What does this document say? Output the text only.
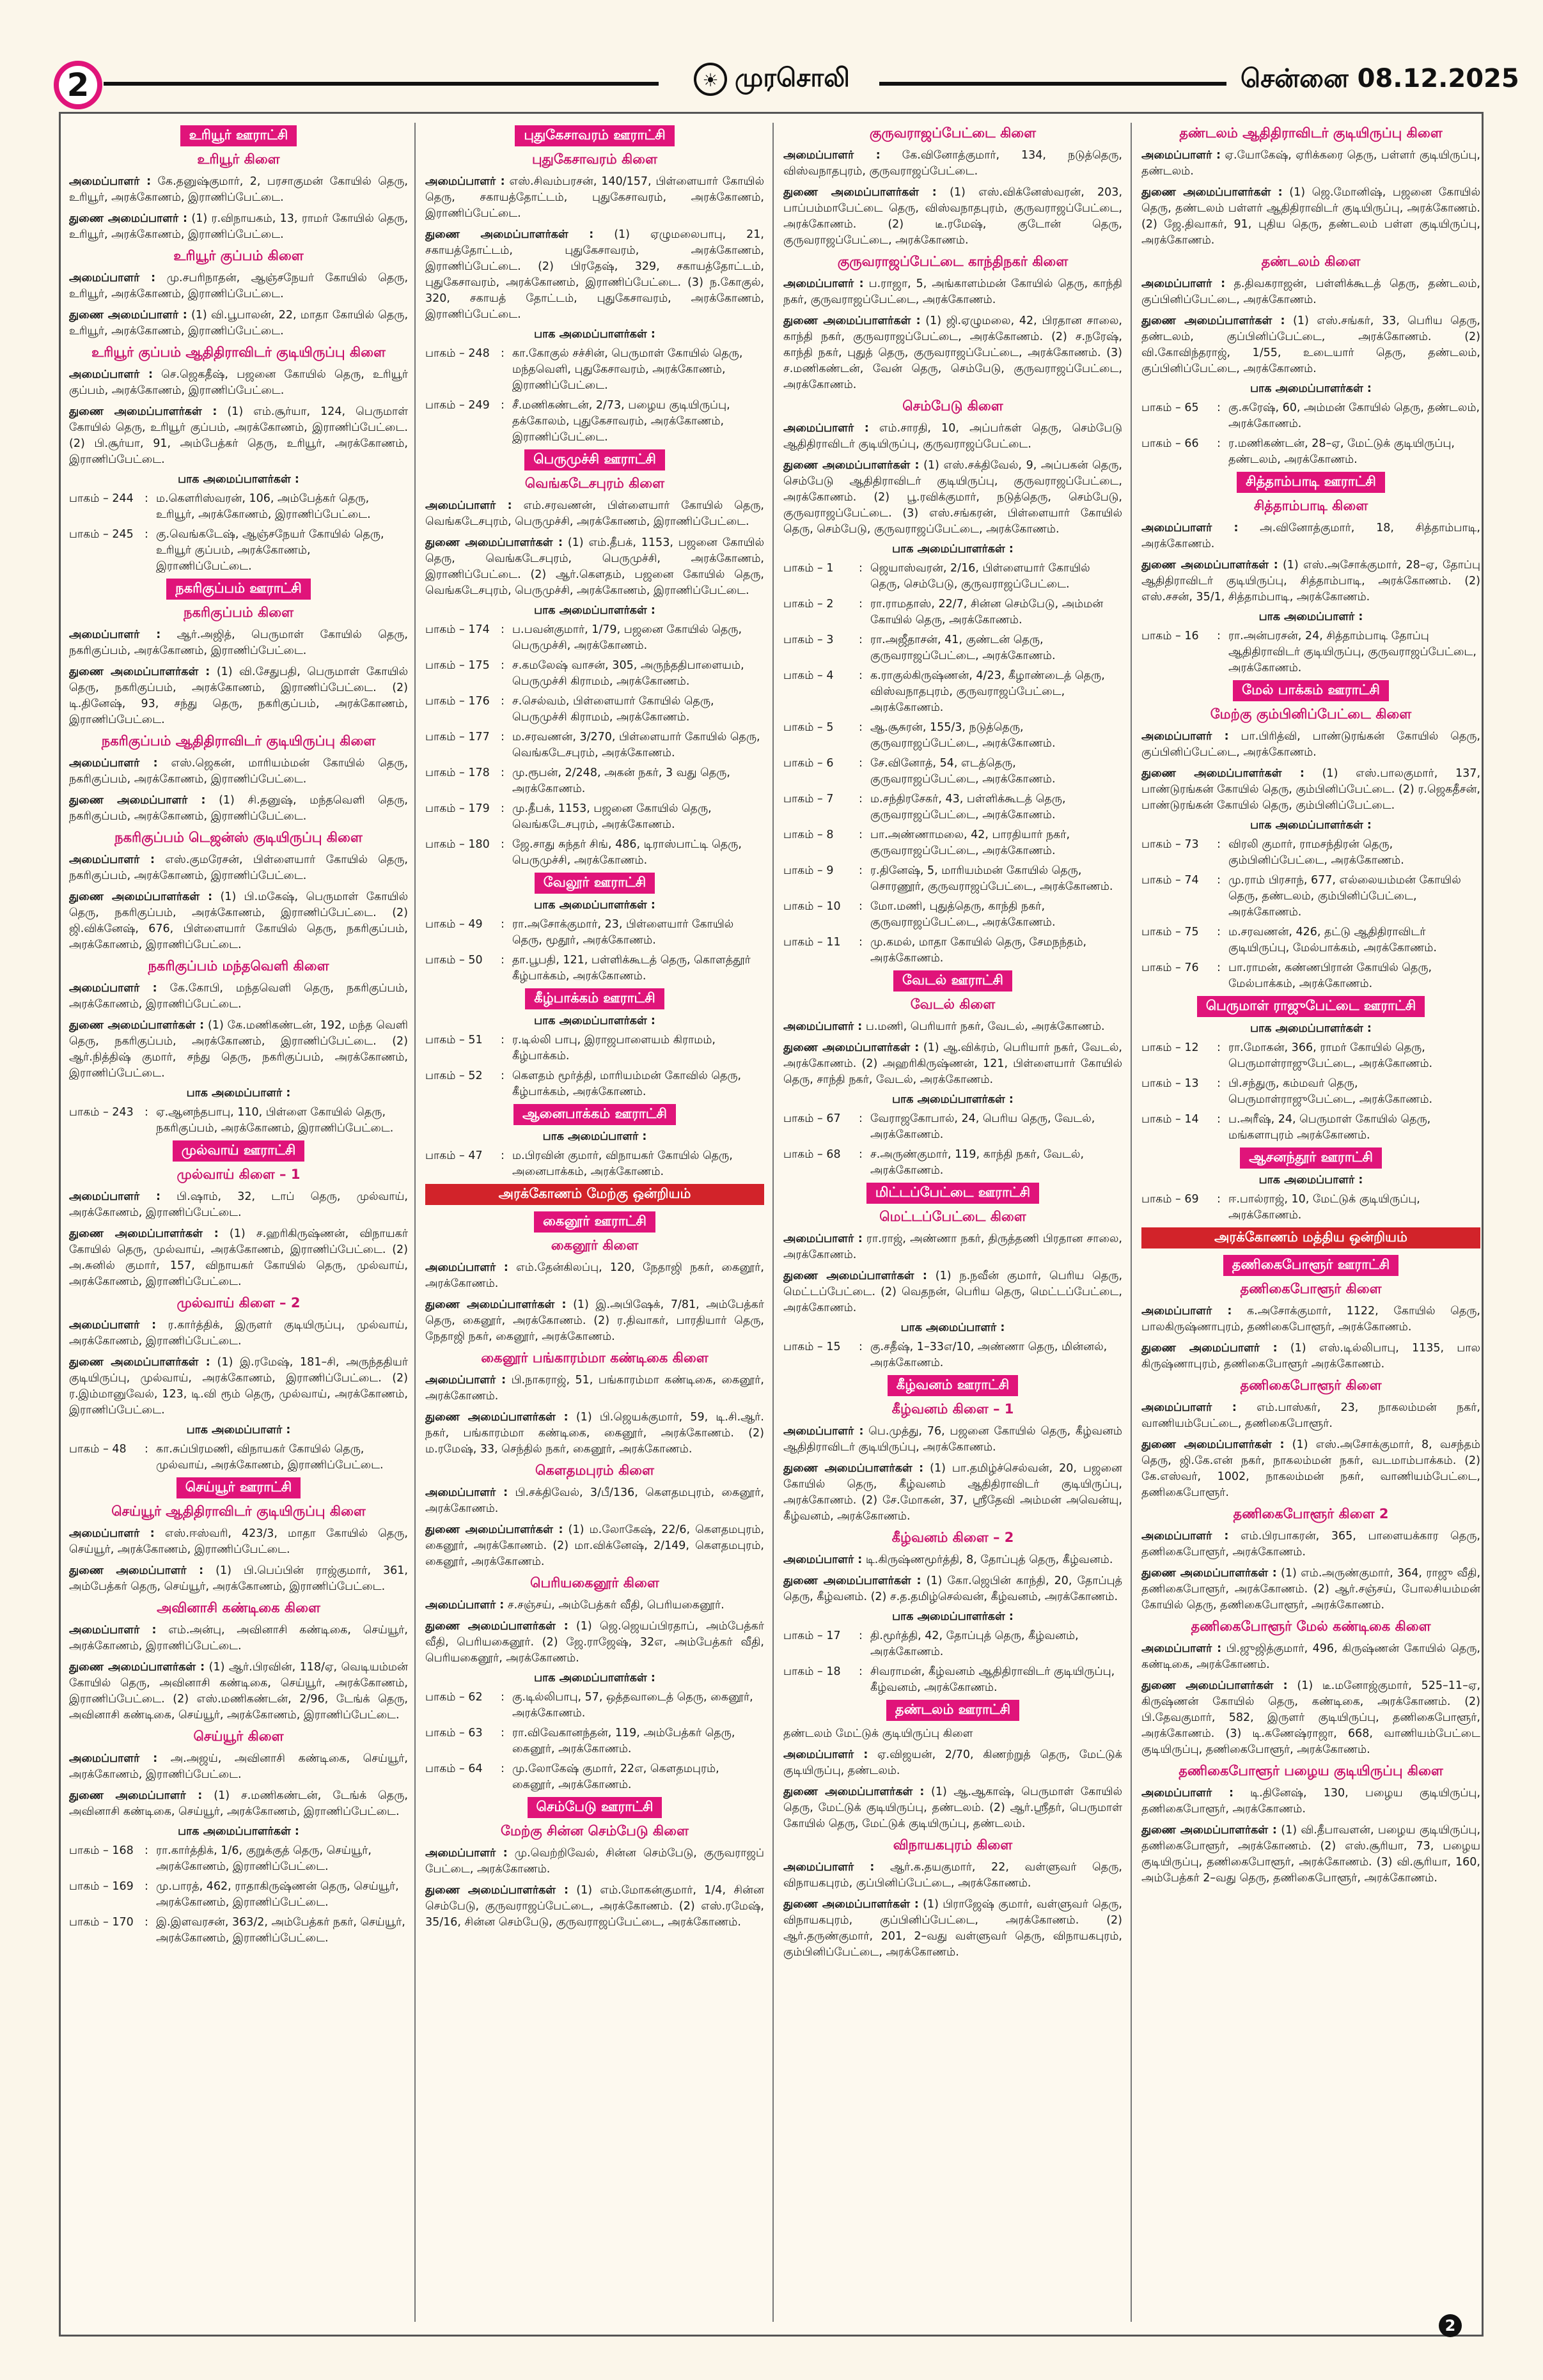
2	☀ முரசொலி	சென்னை 08.12.2025
உரியூர் ஊராட்சி
உரியூர் கிளை

அமைப்பாளர் : கே.தனுஷ்குமார், 2, பரசாகுமன் கோயில் தெரு, உரியூர், அரக்கோணம், இராணிப்பேட்டை.

துணை அமைப்பாளர் : (1) ர.விநாயகம், 13, ராமர் கோயில் தெரு, உரியூர், அரக்கோணம், இராணிப்பேட்டை.

உரியூர் குப்பம் கிளை

அமைப்பாளர் : மு.சபரிநாதன், ஆஞ்சநேயர் கோயில் தெரு, உரியூர், அரக்கோணம், இராணிப்பேட்டை.

துணை அமைப்பாளர் : (1) வி.பூபாலன், 22, மாதா கோயில் தெரு, உரியூர், அரக்கோணம், இராணிப்பேட்டை.

உரியூர் குப்பம் ஆதிதிராவிடர் குடியிருப்பு கிளை

அமைப்பாளர் : செ.ஜெகதீஷ், பஜனை கோயில் தெரு, உரியூர் குப்பம், அரக்கோணம், இராணிப்பேட்டை.

துணை அமைப்பாளர்கள் : (1) எம்.சூர்யா, 124, பெருமாள் கோயில் தெரு, உரியூர் குப்பம், அரக்கோணம், இராணிப்பேட்டை. (2) பி.சூர்யா, 91, அம்பேத்கர் தெரு, உரியூர், அரக்கோணம், இராணிப்பேட்டை.

பாக அமைப்பாளர்கள் :
பாகம் – 244 : ம.கௌரிஸ்வரன், 106, அம்பேத்கர் தெரு, உரியூர், அரக்கோணம், இராணிப்பேட்டை.
பாகம் – 245 : கு.வெங்கடேஷ், ஆஞ்சநேயர் கோயில் தெரு, உரியூர் குப்பம், அரக்கோணம், இராணிப்பேட்டை.
நகரிகுப்பம் ஊராட்சி
நகரிகுப்பம் கிளை

அமைப்பாளர் : ஆர்.அஜித், பெருமாள் கோயில் தெரு, நகரிகுப்பம், அரக்கோணம், இராணிப்பேட்டை.

துணை அமைப்பாளர்கள் : (1) வி.சேதுபதி, பெருமாள் கோயில் தெரு, நகரிகுப்பம், அரக்கோணம், இராணிப்பேட்டை. (2) டி.தினேஷ், 93, சந்து தெரு, நகரிகுப்பம், அரக்கோணம், இராணிப்பேட்டை.

நகரிகுப்பம் ஆதிதிராவிடர் குடியிருப்பு கிளை

அமைப்பாளர் : எஸ்.ஜெகன், மாரியம்மன் கோயில் தெரு, நகரிகுப்பம், அரக்கோணம், இராணிப்பேட்டை.

துணை அமைப்பாளர் : (1) சி.தனுஷ், மந்தவெளி தெரு, நகரிகுப்பம், அரக்கோணம், இராணிப்பேட்டை.

நகரிகுப்பம் டெஜன்ஸ் குடியிருப்பு கிளை

அமைப்பாளர் : எஸ்.குமரேசன், பிள்ளையார் கோயில் தெரு, நகரிகுப்பம், அரக்கோணம், இராணிப்பேட்டை.

துணை அமைப்பாளர்கள் : (1) பி.மகேஷ், பெருமாள் கோயில் தெரு, நகரிகுப்பம், அரக்கோணம், இராணிப்பேட்டை. (2) ஜி.விக்னேஷ், 676, பிள்ளையார் கோயில் தெரு, நகரிகுப்பம், அரக்கோணம், இராணிப்பேட்டை.

நகரிகுப்பம் மந்தவெளி கிளை

அமைப்பாளர் : கே.கோபி, மந்தவெளி தெரு, நகரிகுப்பம், அரக்கோணம், இராணிப்பேட்டை.

துணை அமைப்பாளர்கள் : (1) கே.மணிகண்டன், 192, மந்த வெளி தெரு, நகரிகுப்பம், அரக்கோணம், இராணிப்பேட்டை. (2) ஆர்.நித்திஷ் குமார், சந்து தெரு, நகரிகுப்பம், அரக்கோணம், இராணிப்பேட்டை.

பாக அமைப்பாளர் :
பாகம் – 243 : ஏ.ஆனந்தபாபு, 110, பிள்ளை கோயில் தெரு, நகரிகுப்பம், அரக்கோணம், இராணிப்பேட்டை.
முல்வாய் ஊராட்சி
முல்வாய் கிளை – 1

அமைப்பாளர் : பி.ஷாம், 32, டாப் தெரு, முல்வாய், அரக்கோணம், இராணிப்பேட்டை.

துணை அமைப்பாளர்கள் : (1) ச.ஹரிகிருஷ்ணன், விநாயகர் கோயில் தெரு, முல்வாய், அரக்கோணம், இராணிப்பேட்டை. (2) அ.சுனில் குமார், 157, விநாயகர் கோயில் தெரு, முல்வாய், அரக்கோணம், இராணிப்பேட்டை.

முல்வாய் கிளை – 2

அமைப்பாளர் : ர.கார்த்திக், இருளர் குடியிருப்பு, முல்வாய், அரக்கோணம், இராணிப்பேட்டை.

துணை அமைப்பாளர்கள் : (1) இ.ரமேஷ், 181–சி, அருந்ததியர் குடியிருப்பு, முல்வாய், அரக்கோணம், இராணிப்பேட்டை. (2) ர.இம்மானுவேல், 123, டி.வி ரூம் தெரு, முல்வாய், அரக்கோணம், இராணிப்பேட்டை.

பாக அமைப்பாளர் :
பாகம் – 48	: கா.சுப்பிரமணி, விநாயகர் கோயில் தெரு, முல்வாய், அரக்கோணம், இராணிப்பேட்டை.
செய்யூர் ஊராட்சி
செய்யூர் ஆதிதிராவிடர் குடியிருப்பு கிளை

அமைப்பாளர் : எஸ்.ஈஸ்வரி, 423/3, மாதா கோயில் தெரு, செய்யூர், அரக்கோணம், இராணிப்பேட்டை.

துணை அமைப்பாளர் : (1) பி.பெப்பின் ராஜ்குமார், 361, அம்பேத்கர் தெரு, செய்யூர், அரக்கோணம், இராணிப்பேட்டை.

அவினாசி கண்டிகை கிளை

அமைப்பாளர் : எம்.அன்பு, அவினாசி கண்டிகை, செய்யூர், அரக்கோணம், இராணிப்பேட்டை.

துணை அமைப்பாளர்கள் : (1) ஆர்.பிரவின், 118/ஏ, வெடியம்மன் கோயில் தெரு, அவினாசி கண்டிகை, செய்யூர், அரக்கோணம், இராணிப்பேட்டை. (2) எஸ்.மணிகண்டன், 2/96, டேங்க் தெரு, அவினாசி கண்டிகை, செய்யூர், அரக்கோணம், இராணிப்பேட்டை.

செய்யூர் கிளை

அமைப்பாளர் : அ.அஜய், அவினாசி கண்டிகை, செய்யூர், அரக்கோணம், இராணிப்பேட்டை.

துணை அமைப்பாளர் : (1) ச.மணிகண்டன், டேங்க் தெரு, அவினாசி கண்டிகை, செய்யூர், அரக்கோணம், இராணிப்பேட்டை.

பாக அமைப்பாளர்கள் :
பாகம் – 168 : ரா.கார்த்திக், 1/6, குறுக்குத் தெரு, செய்யூர், அரக்கோணம், இராணிப்பேட்டை.
பாகம் – 169 : மு.பாரத், 462, ராதாகிருஷ்ணன் தெரு, செய்யூர், அரக்கோணம், இராணிப்பேட்டை.
பாகம் – 170 : இ.இளவரசன், 363/2, அம்பேத்கர் நகர், செய்யூர், அரக்கோணம், இராணிப்பேட்டை.
புதுகேசாவரம் ஊராட்சி
புதுகேசாவரம் கிளை

அமைப்பாளர் : எஸ்.சிவம்பரசன், 140/157, பிள்ளையார் கோயில் தெரு, சகாயத்தோட்டம், புதுகேசாவரம், அரக்கோணம், இராணிப்பேட்டை.

துணை அமைப்பாளர்கள் : (1) ஏழுமலைபாபு, 21, சகாயத்தோட்டம், புதுகேசாவரம், அரக்கோணம், இராணிப்பேட்டை. (2) பிரதேஷ், 329, சகாயத்தோட்டம், புதுகேசாவரம், அரக்கோணம், இராணிப்பேட்டை. (3) ந.கோகுல், 320, சகாயத் தோட்டம், புதுகேசாவரம், அரக்கோணம், இராணிப்பேட்டை.

பாக அமைப்பாளர்கள் :
பாகம் – 248 : கா.கோகுல் சச்சின், பெருமாள் கோயில் தெரு, மந்தவெளி, புதுகேசாவரம், அரக்கோணம், இராணிப்பேட்டை.
பாகம் – 249 : சீ.மணிகண்டன், 2/73, பழைய குடியிருப்பு, தக்கோலம், புதுகேசாவரம், அரக்கோணம், இராணிப்பேட்டை.
பெருமுச்சி ஊராட்சி
வெங்கடேசபுரம் கிளை

அமைப்பாளர் : எம்.சரவணன், பிள்ளையார் கோயில் தெரு, வெங்கடேசபுரம், பெருமுச்சி, அரக்கோணம், இராணிப்பேட்டை.

துணை அமைப்பாளர்கள் : (1) எம்.தீபக், 1153, பஜனை கோயில் தெரு, வெங்கடேசபுரம், பெருமுச்சி, அரக்கோணம், இராணிப்பேட்டை. (2) ஆர்.கௌதம், பஜனை கோயில் தெரு, வெங்கடேசபுரம், பெருமுச்சி, அரக்கோணம், இராணிப்பேட்டை.

பாக அமைப்பாளர்கள் :
பாகம் – 174 : ப.பவன்குமார், 1/79, பஜனை கோயில் தெரு, பெருமுச்சி, அரக்கோணம்.
பாகம் – 175 : ச.கமலேஷ் வாசன், 305, அருந்ததிபாளையம், பெருமுச்சி கிராமம், அரக்கோணம்.
பாகம் – 176 : ச.செல்வம், பிள்ளையார் கோயில் தெரு, பெருமுச்சி கிராமம், அரக்கோணம்.
பாகம் – 177 : ம.சரவணன், 3/270, பிள்ளையார் கோயில் தெரு, வெங்கடேசபுரம், அரக்கோணம்.
பாகம் – 178 : மு.ரூபன், 2/248, அகன் நகர், 3 வது தெரு, அரக்கோணம்.
பாகம் – 179 : மு.தீபக், 1153, பஜனை கோயில் தெரு, வெங்கடேசபுரம், அரக்கோணம்.
பாகம் – 180 : ஜே.சாது சுந்தர் சிங், 486, டிராஸ்பாட்டி தெரு, பெருமுச்சி, அரக்கோணம்.
வேலூர் ஊராட்சி
பாக அமைப்பாளர்கள் :
பாகம் – 49	: ரா.அசோக்குமார், 23, பிள்ளையார் கோயில் தெரு, மூதூர், அரக்கோணம்.
பாகம் – 50	: தா.பூபதி, 121, பள்ளிக்கூடத் தெரு, கொளத்தூர் கீழ்பாக்கம், அரக்கோணம்.
கீழ்பாக்கம் ஊராட்சி
பாக அமைப்பாளர்கள் :
பாகம் – 51	: ர.டில்லி பாபு, இராஜபாளையம் கிராமம், கீழ்பாக்கம்.
பாகம் – 52	: கௌதம் மூர்த்தி, மாரியம்மன் கோவில் தெரு, கீழ்பாக்கம், அரக்கோணம்.
ஆனைபாக்கம் ஊராட்சி
பாக அமைப்பாளர் :
பாகம் – 47	: ம.பிரவின் குமார், விநாயகர் கோயில் தெரு, அனைபாக்கம், அரக்கோணம்.
அரக்கோணம் மேற்கு ஒன்றியம்
கைனூர் ஊராட்சி
கைனூர் கிளை

அமைப்பாளர் : எம்.தேன்கிலப்பு, 120, நேதாஜி நகர், கைனூர், அரக்கோணம்.

துணை அமைப்பாளர்கள் : (1) இ.அபிஷேக், 7/81, அம்பேத்கர் தெரு, கைனூர், அரக்கோணம். (2) ர.திவாகர், பாரதியார் தெரு, நேதாஜி நகர், கைனூர், அரக்கோணம்.

கைனூர் பங்காரம்மா கண்டிகை கிளை

அமைப்பாளர் : பி.நாகராஜ், 51, பங்காரம்மா கண்டிகை, கைனூர், அரக்கோணம்.

துணை அமைப்பாளர்கள் : (1) பி.ஜெயக்குமார், 59, டி.சி.ஆர். நகர், பங்காரம்மா கண்டிகை, கைனூர், அரக்கோணம். (2) ம.ரமேஷ், 33, செந்தில் நகர், கைனூர், அரக்கோணம்.

கௌதமபுரம் கிளை

அமைப்பாளர் : பி.சக்திவேல், 3/பீ/136, கௌதமபுரம், கைனூர், அரக்கோணம்.

துணை அமைப்பாளர்கள் : (1) ம.லோகேஷ், 22/6, கௌதமபுரம், கைனூர், அரக்கோணம். (2) மா.விக்னேஷ், 2/149, கௌதமபுரம், கைனூர், அரக்கோணம்.

பெரியகைனூர் கிளை

அமைப்பாளர் : ச.சஞ்சய், அம்பேத்கர் வீதி, பெரியகைனூர்.

துணை அமைப்பாளர்கள் : (1) ஜெ.ஜெயப்பிரதாப், அம்பேத்கர் வீதி, பெரியகைனூர். (2) ஜே.ராஜேஷ், 32எ, அம்பேத்கர் வீதி, பெரியகைனூர், அரக்கோணம்.

பாக அமைப்பாளர்கள் :
பாகம் – 62	: கு.டில்லிபாபு, 57, ஒத்தவாடைத் தெரு, கைனூர், அரக்கோணம்.
பாகம் – 63	: ரா.விவேகானந்தன், 119, அம்பேத்கர் தெரு, கைனூர், அரக்கோணம்.
பாகம் – 64	: மு.லோகேஷ் குமார், 22எ, கௌதமபுரம், கைனூர், அரக்கோணம்.
செம்பேடு ஊராட்சி
மேற்கு சின்ன செம்பேடு கிளை

அமைப்பாளர் : மு.வெற்றிவேல், சின்ன செம்பேடு, குருவராஜப் பேட்டை, அரக்கோணம்.

துணை அமைப்பாளர்கள் : (1) எம்.மோகன்குமார், 1/4, சின்ன செம்பேடு, குருவராஜப்பேட்டை, அரக்கோணம். (2) எஸ்.ரமேஷ், 35/16, சின்ன செம்பேடு, குருவராஜப்பேட்டை, அரக்கோணம்.

குருவராஜப்பேட்டை கிளை

அமைப்பாளர் : கே.வினோத்குமார், 134, நடுத்தெரு, விஸ்வநாதபுரம், குருவராஜப்பேட்டை.

துணை அமைப்பாளர்கள் : (1) எஸ்.விக்னேஸ்வரன், 203, பாப்பம்மாபேட்டை தெரு, விஸ்வநாதபுரம், குருவராஜப்பேட்டை, அரக்கோணம். (2) டீ.ரமேஷ், குடோன் தெரு, குருவராஜப்பேட்டை, அரக்கோணம்.

குருவராஜப்பேட்டை காந்திநகர் கிளை

அமைப்பாளர் : ப.ராஜா, 5, அங்காளம்மன் கோயில் தெரு, காந்தி நகர், குருவராஜப்பேட்டை, அரக்கோணம்.

துணை அமைப்பாளர்கள் : (1) ஜி.ஏழுமலை, 42, பிரதான சாலை, காந்தி நகர், குருவராஜப்பேட்டை, அரக்கோணம். (2) ச.நரேஷ், காந்தி நகர், புதுத் தெரு, குருவராஜப்பேட்டை, அரக்கோணம். (3) ச.மணிகண்டன், வேன் தெரு, செம்பேடு, குருவராஜப்பேட்டை, அரக்கோணம்.

செம்பேடு கிளை

அமைப்பாளர் : எம்.சாரதி, 10, அப்பர்கள் தெரு, செம்பேடு ஆதிதிராவிடர் குடியிருப்பு, குருவராஜப்பேட்டை.

துணை அமைப்பாளர்கள் : (1) எஸ்.சக்திவேல், 9, அப்பகன் தெரு, செம்பேடு ஆதிதிராவிடர் குடியிருப்பு, குருவராஜப்பேட்டை, அரக்கோணம். (2) பூ.ரவிக்குமார், நடுத்தெரு, செம்பேடு, குருவராஜப்பேட்டை. (3) எஸ்.சங்கரன், பிள்ளையார் கோயில் தெரு, செம்பேடு, குருவராஜப்பேட்டை, அரக்கோணம்.

பாக அமைப்பாளர்கள் :
பாகம் – 1	: ஜெயாஸ்வரன், 2/16, பிள்ளையார் கோயில் தெரு, செம்பேடு, குருவராஜப்பேட்டை.
பாகம் – 2	: ரா.ராமதாஸ், 22/7, சின்ன செம்பேடு, அம்மன் கோயில் தெரு, அரக்கோணம்.
பாகம் – 3	: ரா.அஜீதாசன், 41, குண்டன் தெரு, குருவராஜப்பேட்டை, அரக்கோணம்.
பாகம் – 4	: க.ராகுல்கிருஷ்ணன், 4/23, கீழாண்டைத் தெரு, விஸ்வநாதபுரம், குருவராஜப்பேட்டை, அரக்கோணம்.
பாகம் – 5	: ஆ.சூசுரன், 155/3, நடுத்தெரு, குருவராஜப்பேட்டை, அரக்கோணம்.
பாகம் – 6	: சே.வினோத், 54, எடத்தெரு, குருவராஜப்பேட்டை, அரக்கோணம்.
பாகம் – 7	: ம.சந்திரசேகர், 43, பள்ளிக்கூடத் தெரு, குருவராஜப்பேட்டை, அரக்கோணம்.
பாகம் – 8	: பா.அண்ணாமலை, 42, பாரதியார் நகர், குருவராஜப்பேட்டை, அரக்கோணம்.
பாகம் – 9	: ர.தினேஷ், 5, மாரியம்மன் கோயில் தெரு, சொரணூர், குருவராஜப்பேட்டை, அரக்கோணம்.
பாகம் – 10	: மோ.மணி, புதுத்தெரு, காந்தி நகர், குருவராஜப்பேட்டை, அரக்கோணம்.
பாகம் – 11	: மு.கமல், மாதா கோயில் தெரு, சேமநந்தம், அரக்கோணம்.
வேடல் ஊராட்சி
வேடல் கிளை

அமைப்பாளர் : ப.மணி, பெரியார் நகர், வேடல், அரக்கோணம்.

துணை அமைப்பாளர்கள் : (1) ஆ.விக்ரம், பெரியார் நகர், வேடல், அரக்கோணம். (2) அஹரிகிருஷ்ணன், 121, பிள்ளையார் கோயில் தெரு, சாந்தி நகர், வேடல், அரக்கோணம்.

பாக அமைப்பாளர்கள் :
பாகம் – 67	: வேராஜகோபால், 24, பெரிய தெரு, வேடல், அரக்கோணம்.
பாகம் – 68	: ச.அருண்குமார், 119, காந்தி நகர், வேடல், அரக்கோணம்.
மிட்டப்பேட்டை ஊராட்சி
மெட்டப்பேட்டை கிளை

அமைப்பாளர் : ரா.ராஜ், அண்ணா நகர், திருத்தணி பிரதான சாலை, அரக்கோணம்.

துணை அமைப்பாளர்கள் : (1) ந.நவீன் குமார், பெரிய தெரு, மெட்டப்பேட்டை. (2) வெதநன், பெரிய தெரு, மெட்டப்பேட்டை, அரக்கோணம்.

பாக அமைப்பாளர் :
பாகம் – 15	: கு.சதீஷ், 1–33எ/10, அண்ணா தெரு, மின்னல், அரக்கோணம்.
கீழ்வனம் ஊராட்சி
கீழ்வனம் கிளை – 1

அமைப்பாளர் : பெ.முத்து, 76, பஜனை கோயில் தெரு, கீழ்வனம் ஆதிதிராவிடர் குடியிருப்பு, அரக்கோணம்.

துணை அமைப்பாளர்கள் : (1) பா.தமிழ்ச்செல்வன், 20, பஜனை கோயில் தெரு, கீழ்வனம் ஆதிதிராவிடர் குடியிருப்பு, அரக்கோணம். (2) சே.மோகன், 37, ஸ்ரீதேவி அம்மன் அவென்யு, கீழ்வனம், அரக்கோணம்.

கீழ்வனம் கிளை – 2

அமைப்பாளர் : டி.கிருஷ்ணமூர்த்தி, 8, தோப்புத் தெரு, கீழ்வனம்.

துணை அமைப்பாளர்கள் : (1) கோ.ஜெபின் காந்தி, 20, தோப்புத் தெரு, கீழ்வனம். (2) ச.த.தமிழ்செல்வன், கீழ்வனம், அரக்கோணம்.

பாக அமைப்பாளர்கள் :
பாகம் – 17	: தி.மூர்த்தி, 42, தோப்புத் தெரு, கீழ்வனம், அரக்கோணம்.
பாகம் – 18	: சிவராமன், கீழ்வனம் ஆதிதிராவிடர் குடியிருப்பு, கீழ்வனம், அரக்கோணம்.
தண்டலம் ஊராட்சி

தண்டலம் மேட்டுக் குடியிருப்பு கிளை

அமைப்பாளர் : ஏ.விஜயன், 2/70, கிணற்றுத் தெரு, மேட்டுக் குடியிருப்பு, தண்டலம்.

துணை அமைப்பாளர்கள் : (1) ஆ.ஆகாஷ், பெருமாள் கோயில் தெரு, மேட்டுக் குடியிருப்பு, தண்டலம். (2) ஆர்.ஸ்ரீதர், பெருமாள் கோயில் தெரு, மேட்டுக் குடியிருப்பு, தண்டலம்.

விநாயகபுரம் கிளை

அமைப்பாளர் : ஆர்.க.தயகுமார், 22, வள்ளுவர் தெரு, விநாயகபுரம், குப்பினிப்பேட்டை, அரக்கோணம்.

துணை அமைப்பாளர்கள் : (1) பிராஜேஷ் குமார், வள்ளுவர் தெரு, விநாயகபுரம், குப்பினிப்பேட்டை, அரக்கோணம். (2) ஆர்.தருண்குமார், 201, 2–வது வள்ளுவர் தெரு, விநாயகபுரம், கும்பினிப்பேட்டை, அரக்கோணம்.

தண்டலம் ஆதிதிராவிடர் குடியிருப்பு கிளை

அமைப்பாளர் : ஏ.யோகேஷ், ஏரிக்கரை தெரு, பள்ளர் குடியிருப்பு, தண்டலம்.

துணை அமைப்பாளர்கள் : (1) ஜெ.மோனிஷ், பஜனை கோயில் தெரு, தண்டலம் பள்ளர் ஆதிதிராவிடர் குடியிருப்பு, அரக்கோணம். (2) ஜே.திவாகர், 91, புதிய தெரு, தண்டலம் பள்ள குடியிருப்பு, அரக்கோணம்.

தண்டலம் கிளை

அமைப்பாளர் : த.திவகராஜன், பள்ளிக்கூடத் தெரு, தண்டலம், குப்பினிப்பேட்டை, அரக்கோணம்.

துணை அமைப்பாளர்கள் : (1) எஸ்.சங்கர், 33, பெரிய தெரு, தண்டலம், குப்பினிப்பேட்டை, அரக்கோணம். (2) வி.கோவிந்தராஜ், 1/55, உடையார் தெரு, தண்டலம், குப்பினிப்பேட்டை, அரக்கோணம்.

பாக அமைப்பாளர்கள் :
பாகம் – 65	: கு.சுரேஷ், 60, அம்மன் கோயில் தெரு, தண்டலம், அரக்கோணம்.
பாகம் – 66	: ர.மணிகண்டன், 28–ஏ, மேட்டுக் குடியிருப்பு, தண்டலம், அரக்கோணம்.
சித்தாம்பாடி ஊராட்சி
சித்தாம்பாடி கிளை

அமைப்பாளர் : அ.வினோத்குமார், 18, சித்தாம்பாடி, அரக்கோணம்.

துணை அமைப்பாளர்கள் : (1) எஸ்.அசோக்குமார், 28–ஏ, தோப்பு ஆதிதிராவிடர் குடியிருப்பு, சித்தாம்பாடி, அரக்கோணம். (2) எஸ்.சசன், 35/1, சித்தாம்பாடி, அரக்கோணம்.

பாக அமைப்பாளர் :
பாகம் – 16	: ரா.அன்பரசன், 24, சித்தாம்பாடி தோப்பு ஆதிதிராவிடர் குடியிருப்பு, குருவராஜப்பேட்டை, அரக்கோணம்.
மேல் பாக்கம் ஊராட்சி
மேற்கு கும்பினிப்பேட்டை கிளை

அமைப்பாளர் : பா.பிரித்வி, பாண்டுரங்கன் கோயில் தெரு, குப்பினிப்பேட்டை, அரக்கோணம்.

துணை அமைப்பாளர்கள் : (1) எஸ்.பாலகுமார், 137, பாண்டுரங்கன் கோயில் தெரு, கும்பினிப்பேட்டை. (2) ர.ஜெகதீசன், பாண்டுரங்கன் கோயில் தெரு, கும்பினிப்பேட்டை.

பாக அமைப்பாளர்கள் :
பாகம் – 73	: விரலி குமார், ராமசந்திரன் தெரு, கும்பினிப்பேட்டை, அரக்கோணம்.
பாகம் – 74	: மு.ராம் பிரசாந், 677, எல்லையம்மன் கோயில் தெரு, தண்டலம், கும்பினிப்பேட்டை, அரக்கோணம்.
பாகம் – 75	: ம.சரவணன், 426, தட்டு ஆதிதிராவிடர் குடியிருப்பு, மேல்பாக்கம், அரக்கோணம்.
பாகம் – 76	: பா.ராமன், கண்ணபிரான் கோயில் தெரு, மேல்பாக்கம், அரக்கோணம்.
பெருமாள் ராஜுபேட்டை ஊராட்சி
பாக அமைப்பாளர்கள் :
பாகம் – 12	: ரா.மோகன், 366, ராமர் கோயில் தெரு, பெருமாள்ராஜுபேட்டை, அரக்கோணம்.
பாகம் – 13	: பி.சந்துரு, கம்மவர் தெரு, பெருமாள்ராஜுபேட்டை, அரக்கோணம்.
பாகம் – 14	: ப.அரீஷ், 24, பெருமாள் கோயில் தெரு, மங்களாபுரம் அரக்கோணம்.
ஆசனந்தூர் ஊராட்சி
பாக அமைப்பாளர் :
பாகம் – 69	: ஈ.பால்ராஜ், 10, மேட்டுக் குடியிருப்பு, அரக்கோணம்.
அரக்கோணம் மத்திய ஒன்றியம்
தணிகைபோளூர் ஊராட்சி
தணிகைபோளூர் கிளை

அமைப்பாளர் : க.அசோக்குமார், 1122, கோயில் தெரு, பாலகிருஷ்ணாபுரம், தணிகைபோளூர், அரக்கோணம்.

துணை அமைப்பாளர் : (1) எஸ்.டில்லிபாபு, 1135, பால கிருஷ்ணாபுரம், தணிகைபோளூர் அரக்கோணம்.

தணிகைபோளூர் கிளை

அமைப்பாளர் : எம்.பாஸ்கர், 23, நாகலம்மன் நகர், வாணியம்பேட்டை, தணிகைபோளூர்.

துணை அமைப்பாளர்கள் : (1) எஸ்.அசோக்குமார், 8, வசந்தம் தெரு, ஜி.கே.என் நகர், நாகலம்மன் நகர், வடமாம்பாக்கம். (2) கே.எஸ்வர், 1002, நாகலம்மன் நகர், வாணியம்பேட்டை, தணிகைபோளூர்.

தணிகைபோளூர் கிளை 2

அமைப்பாளர் : எம்.பிரபாகரன், 365, பாளையக்கார தெரு, தணிகைபோளூர், அரக்கோணம்.

துணை அமைப்பாளர்கள் : (1) எம்.அருண்குமார், 364, ராஜு வீதி, தணிகைபோளூர், அரக்கோணம். (2) ஆர்.சஞ்சய், போலசியம்மன் கோயில் தெரு, தணிகைபோளூர், அரக்கோணம்.

தணிகைபோளூர் மேல் கண்டிகை கிளை

அமைப்பாளர் : பி.ஜுஜித்குமார், 496, கிருஷ்ணன் கோயில் தெரு, கண்டிகை, அரக்கோணம்.

துணை அமைப்பாளர்கள் : (1) டீ.மனோஜ்குமார், 525–11–ஏ, கிருஷ்ணன் கோயில் தெரு, கண்டிகை, அரக்கோணம். (2) பி.தேவகுமார், 582, இருளர் குடியிருப்பு, தணிகைபோளூர், அரக்கோணம். (3) டி.கணேஷ்ராஜா, 668, வாணியம்பேட்டை குடியிருப்பு, தணிகைபோளூர், அரக்கோணம்.

தணிகைபோளூர் பழைய குடியிருப்பு கிளை

அமைப்பாளர் : டி.தினேஷ், 130, பழைய குடியிருப்பு, தணிகைபோளூர், அரக்கோணம்.

துணை அமைப்பாளர்கள் : (1) வி.தீபாவளன், பழைய குடியிருப்பு, தணிகைபோளூர், அரக்கோணம். (2) எஸ்.சூரியா, 73, பழைய குடியிருப்பு, தணிகைபோளூர், அரக்கோணம். (3) வி.சூரியா, 160, அம்பேத்கர் 2–வது தெரு, தணிகைபோளூர், அரக்கோணம்.

2
